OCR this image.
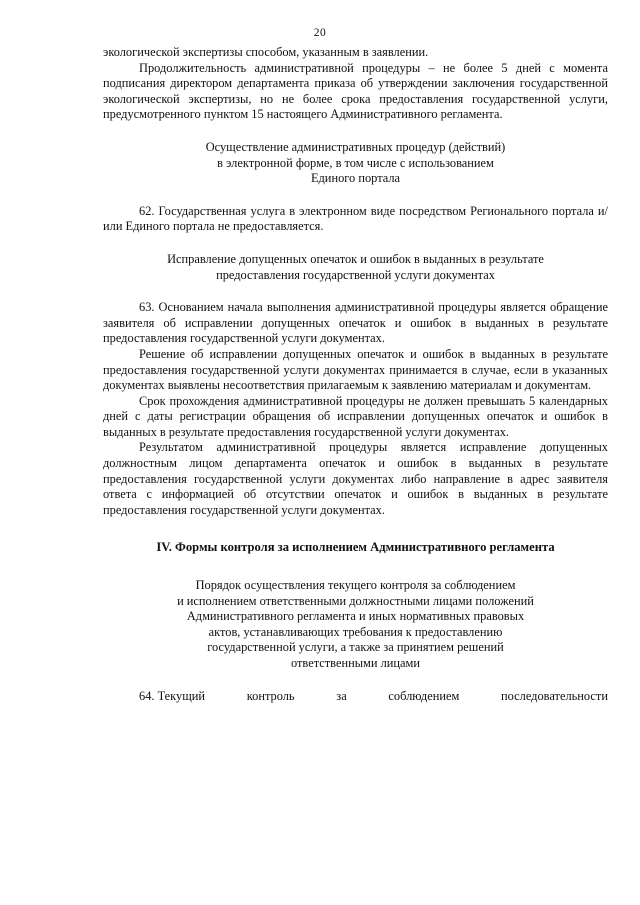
20

экологической экспертизы способом, указанным в заявлении.

Продолжительность административной процедуры – не более 5 дней с момента подписания директором департамента приказа об утверждении заключения государственной экологической экспертизы, но не более срока предоставления государственной услуги, предусмотренного пунктом 15 настоящего Административного регламента.

Осуществление административных процедур (действий)

в электронной форме, в том числе с использованием

Единого портала

62. Государственная услуга в электронном виде посредством Регионального портала и/или Единого портала не предоставляется.

Исправление допущенных опечаток и ошибок в выданных в результате

предоставления государственной услуги документах

63. Основанием начала выполнения административной процедуры является обращение заявителя об исправлении допущенных опечаток и ошибок в выданных в результате предоставления государственной услуги документах.

Решение об исправлении допущенных опечаток и ошибок в выданных в результате предоставления государственной услуги документах принимается в случае, если в указанных документах выявлены несоответствия прилагаемым к заявлению материалам и документам.

Срок прохождения административной процедуры не должен превышать 5 календарных дней с даты регистрации обращения об исправлении допущенных опечаток и ошибок в выданных в результате предоставления государственной услуги документах.

Результатом административной процедуры является исправление допущенных должностным лицом департамента опечаток и ошибок в выданных в результате предоставления государственной услуги документах либо направление в адрес заявителя ответа с информацией об отсутствии опечаток и ошибок в выданных в результате предоставления государственной услуги документах.

IV. Формы контроля за исполнением Административного регламента

Порядок осуществления текущего контроля за соблюдением

и исполнением ответственными должностными лицами положений

Административного регламента и иных нормативных правовых

актов, устанавливающих требования к предоставлению

государственной услуги, а также за принятием решений

ответственными лицами

64. Текущий	контроль	за	соблюдением	последовательности
